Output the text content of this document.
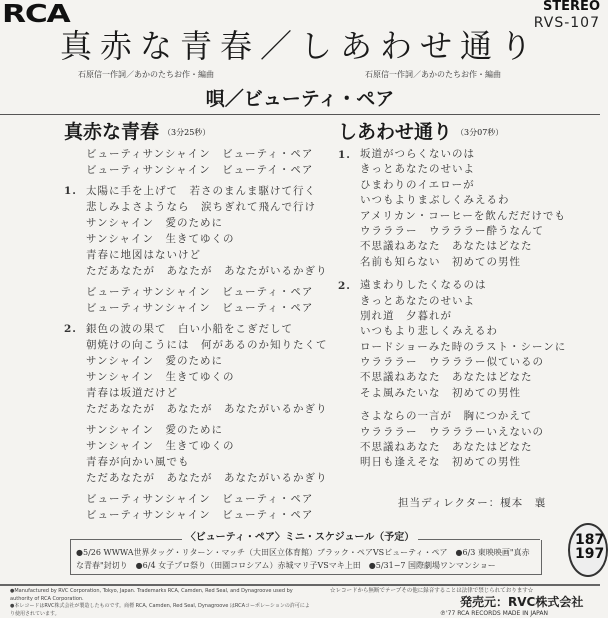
RCA	STEREO
RVS-107
真赤な青春／しあわせ通り
石原信一作詞／あかのたちお作・編曲	石原信一作詞／あかのたちお作・編曲
唄／ビューティ・ペア
真赤な青春 （3分25秒）	しあわせ通り （3分07秒）
ビューティサンシャイン　ビューティ・ペア
ビューティサンシャイン　ビューテイ・ペア
1. 太陽に手を上げて　若さのまんま駆けて行く
悲しみよさようなら　涙ちぎれて飛んで行け
サンシャイン　愛のために
サンシャイン　生きてゆくの
青春に地図はないけど
ただあなたが　あなたが　あなたがいるかぎり
ビューティサンシャイン　ビューティ・ペア
ビューティサンシャイン　ビューティ・ペア
2. 銀色の波の果て　白い小船をこぎだして
朝焼けの向こうには　何があるのか知りたくて
サンシャイン　愛のために
サンシャイン　生きてゆくの
青春は坂道だけど
ただあなたが　あなたが　あなたがいるかぎり
サンシャイン　愛のために
サンシャイン　生きてゆくの
青春が向かい風でも
ただあなたが　あなたが　あなたがいるかぎり
ビューティサンシャイン　ビューティ・ペア
ビューティサンシャイン　ビューティ・ペア
1. 坂道がつらくないのは
きっとあなたのせいよ
ひまわりのイエローが
いつもよりまぶしくみえるわ
アメリカン・コーヒーを飲んだだけでも
ウラララー　ウラララー酔うなんて
不思議ねあなた　あなたはどなた
名前も知らない　初めての男性
2. 遠まわりしたくなるのは
きっとあなたのせいよ
別れ道　夕暮れが
いつもより悲しくみえるわ
ロードショーみた時のラスト・シーンに
ウラララー　ウラララー似ているの
不思議ねあなた　あなたはどなた
そよ風みたいな　初めての男性
さよならの一言が　胸につかえて
ウラララー　ウラララーいえないの
不思議ねあなた　あなたはどなた
明日も逢えそな　初めての男性
担当ディレクター：榎本　襄
〈ビューティ・ペア〉ミニ・スケジュール（予定）
●5/26 WWWA世界タッグ・リターン・マッチ（大田区立体育館）ブラック・ペアVSビューティ・ペア　●6/3 東映映画"真赤な青春"封切り　●6/4 女子プロ祭り（田園コロシアム）赤城マリ子VSマキ上田　●5/31−7 国際劇場ワンマンショー
187
197
●Manufactured by RVC Corporation, Tokyo, Japan. Trademarks RCA, Camden, Red Seal, and Dynagroove used by authority of RCA Corporation.
●本レコードはRVC株式会社が製造したものです。商標 RCA, Camden, Red Seal, Dynagroove はRCAコーポレーションの許可により使用されています。
☆レコードから無断でテープその他に録音することは法律で禁じられております☆
発売元：RVC株式会社
℗'77 RCA RECORDS MADE IN JAPAN
